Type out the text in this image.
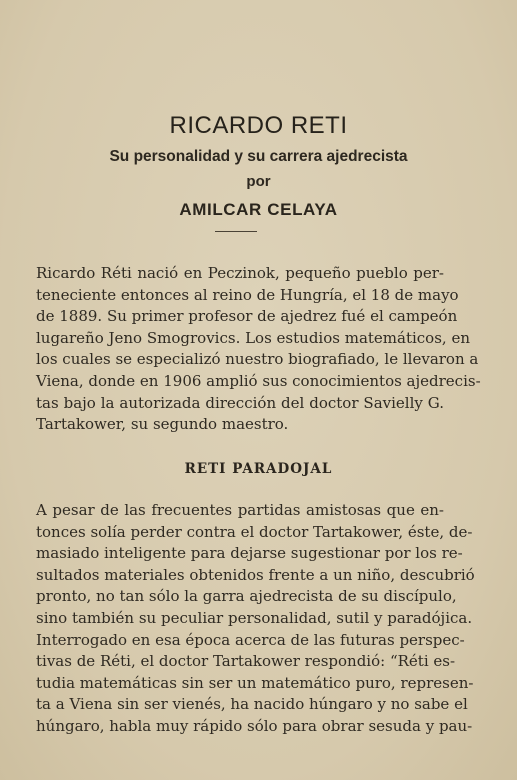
RICARDO RETI
Su personalidad y su carrera ajedrecista
por
AMILCAR CELAYA
Ricardo Réti nació en Peczinok, pequeño pueblo per-
teneciente entonces al reino de Hungría, el 18 de mayo
de 1889. Su primer profesor de ajedrez fué el campeón
lugareño Jeno Smogrovics. Los estudios matemáticos, en
los cuales se especializó nuestro biografiado, le llevaron a
Viena, donde en 1906 amplió sus conocimientos ajedrecis-
tas bajo la autorizada dirección del doctor Savielly G.
Tartakower, su segundo maestro.
RETI PARADOJAL
A pesar de las frecuentes partidas amistosas que en-
tonces solía perder contra el doctor Tartakower, éste, de-
masiado inteligente para dejarse sugestionar por los re-
sultados materiales obtenidos frente a un niño, descubrió
pronto, no tan sólo la garra ajedrecista de su discípulo,
sino también su peculiar personalidad, sutil y paradójica.
Interrogado en esa época acerca de las futuras perspec-
tivas de Réti, el doctor Tartakower respondió: “Réti es-
tudia matemáticas sin ser un matemático puro, represen-
ta a Viena sin ser vienés, ha nacido húngaro y no sabe el
húngaro, habla muy rápido sólo para obrar sesuda y pau-
